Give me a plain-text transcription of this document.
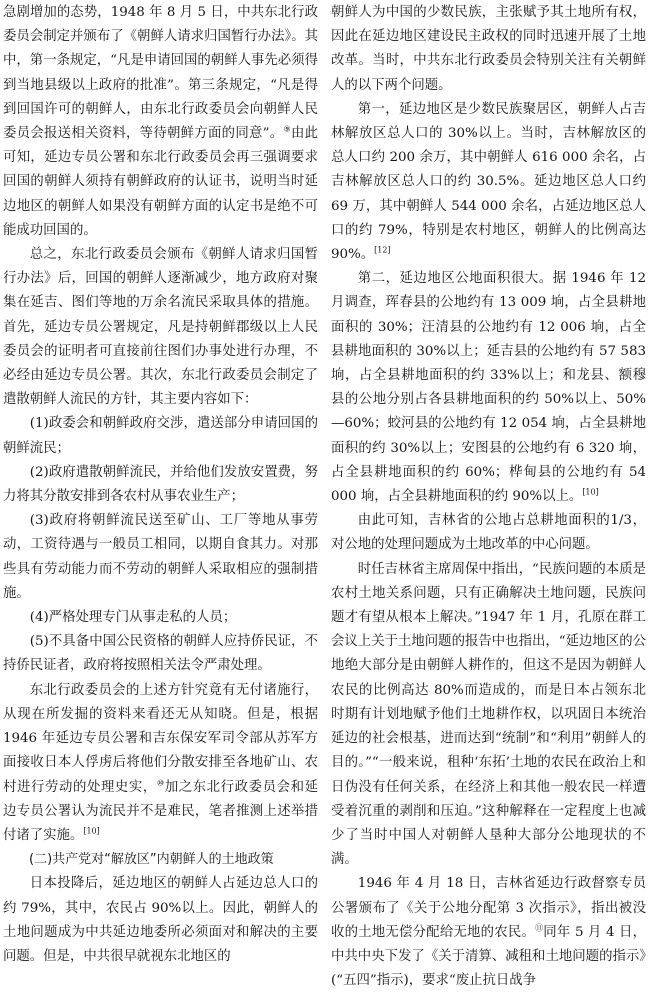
急剧增加的态势，1948 年 8 月 5 日，中共东北行政委员会制定并颁布了《朝鲜人请求归国暂行办法》。其中，第一条规定，“凡是申请回国的朝鲜人事先必须得到当地县级以上政府的批准”。第三条规定，“凡是得到回国许可的朝鲜人，由东北行政委员会向朝鲜人民委员会报送相关资料，等待朝鲜方面的同意”。⑨由此可知，延边专员公署和东北行政委员会再三强调要求回国的朝鲜人须持有朝鲜政府的认证书，说明当时延边地区的朝鲜人如果没有朝鲜方面的认定书是绝不可能成功回国的。

总之，东北行政委员会颁布《朝鲜人请求归国暂行办法》后，回国的朝鲜人逐渐减少，地方政府对聚集在延吉、图们等地的万余名流民采取具体的措施。首先，延边专员公署规定，凡是持朝鲜郡级以上人民委员会的证明者可直接前往图们办事处进行办理，不必经由延边专员公署。其次，东北行政委员会制定了遣散朝鲜人流民的方针，其主要内容如下：

(1)政委会和朝鲜政府交涉，遣送部分申请回国的朝鲜流民；

(2)政府遣散朝鲜流民，并给他们发放安置费，努力将其分散安排到各农村从事农业生产；

(3)政府将朝鲜流民送至矿山、工厂等地从事劳动，工资待遇与一般员工相同，以期自食其力。对那些具有劳动能力而不劳动的朝鲜人采取相应的强制措施。

(4)严格处理专门从事走私的人员；

(5)不具备中国公民资格的朝鲜人应持侨民证，不持侨民证者，政府将按照相关法令严肃处理。

东北行政委员会的上述方针究竟有无付诸施行，从现在所发掘的资料来看还无从知晓。但是，根据 1946 年延边专员公署和吉东保安军司令部从苏军方面接收日本人俘虏后将他们分散安排至各地矿山、农村进行劳动的处理史实，⑩加之东北行政委员会和延边专员公署认为流民并不是难民，笔者推测上述举措付诸了实施。[10]

(二)共产党对“解放区”内朝鲜人的土地政策

日本投降后，延边地区的朝鲜人占延边总人口的约 79%，其中，农民占 90%以上。因此，朝鲜人的土地问题成为中共延边地委所必须面对和解决的主要问题。但是，中共很早就视东北地区的

朝鲜人为中国的少数民族，主张赋予其土地所有权，因此在延边地区建设民主政权的同时迅速开展了土地改革。当时，中共东北行政委员会特别关注有关朝鲜人的以下两个问题。

第一，延边地区是少数民族聚居区，朝鲜人占吉林解放区总人口的 30%以上。当时，吉林解放区的总人口约 200 余万，其中朝鲜人 616 000 余名，占吉林解放区总人口的约 30.5%。延边地区总人口约 69 万，其中朝鲜人 544 000 余名，占延边地区总人口的约 79%，特别是农村地区，朝鲜人的比例高达 90%。[12]

第二，延边地区公地面积很大。据 1946 年 12 月调查，珲春县的公地约有 13 009 垧，占全县耕地面积的 30%；汪清县的公地约有 12 006 垧，占全县耕地面积的 30%以上；延吉县的公地约有 57 583 垧，占全县耕地面积的约 33%以上；和龙县、额穆县的公地分别占各县耕地面积的约 50%以上、50%—60%；蛟河县的公地约有 12 054 垧，占全县耕地面积的约 30%以上；安图县的公地约有 6 320 垧，占全县耕地面积的约 60%；桦甸县的公地约有 54 000 垧，占全县耕地面积的约 90%以上。[10]

由此可知，吉林省的公地占总耕地面积的1/3，对公地的处理问题成为土地改革的中心问题。

时任吉林省主席周保中指出，“民族问题的本质是农村土地关系问题，只有正确解决土地问题，民族问题才有望从根本上解决。”1947 年 1 月，孔原在群工会议上关于土地问题的报告中也指出，“延边地区的公地绝大部分是由朝鲜人耕作的，但这不是因为朝鲜人农民的比例高达 80%而造成的，而是日本占领东北时期有计划地赋予他们土地耕作权，以巩固日本统治延边的社会根基，进而达到“统制”和“利用”朝鲜人的目的。”“一般来说，租种‘东拓’土地的农民在政治上和日伪没有任何关系，在经济上和其他一般农民一样遭受着沉重的剥削和压迫。”这种解释在一定程度上也减少了当时中国人对朝鲜人垦种大部分公地现状的不满。

1946 年 4 月 18 日，吉林省延边行政督察专员公署颁布了《关于公地分配第 3 次指示》，指出被没收的土地无偿分配给无地的农民。⑪同年 5 月 4 日，中共中央下发了《关于清算、减租和土地问题的指示》(“五四”指示)，要求“废止抗日战争
